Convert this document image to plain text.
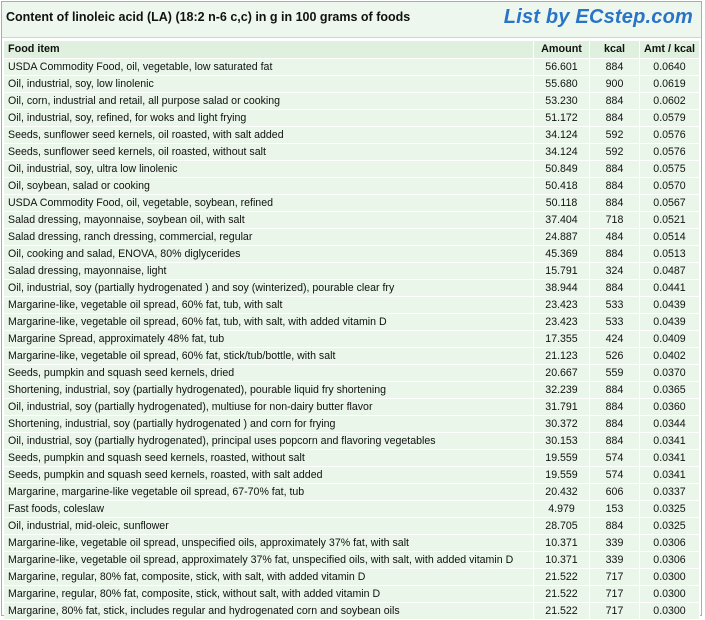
Content of linoleic acid (LA) (18:2 n-6 c,c) in g in 100 grams of foods	List by ECstep.com
Food item	Amount	kcal	Amt / kcal
USDA Commodity Food, oil, vegetable, low saturated fat	56.601	884	0.0640
Oil, industrial, soy, low linolenic	55.680	900	0.0619
Oil, corn, industrial and retail, all purpose salad or cooking	53.230	884	0.0602
Oil, industrial, soy, refined, for woks and light frying	51.172	884	0.0579
Seeds, sunflower seed kernels, oil roasted, with salt added	34.124	592	0.0576
Seeds, sunflower seed kernels, oil roasted, without salt	34.124	592	0.0576
Oil, industrial, soy, ultra low linolenic	50.849	884	0.0575
Oil, soybean, salad or cooking	50.418	884	0.0570
USDA Commodity Food, oil, vegetable, soybean, refined	50.118	884	0.0567
Salad dressing, mayonnaise, soybean oil, with salt	37.404	718	0.0521
Salad dressing, ranch dressing, commercial, regular	24.887	484	0.0514
Oil, cooking and salad, ENOVA, 80% diglycerides	45.369	884	0.0513
Salad dressing, mayonnaise, light	15.791	324	0.0487
Oil, industrial, soy (partially hydrogenated ) and soy (winterized), pourable clear fry	38.944	884	0.0441
Margarine-like, vegetable oil spread, 60% fat, tub, with salt	23.423	533	0.0439
Margarine-like, vegetable oil spread, 60% fat, tub, with salt, with added vitamin D	23.423	533	0.0439
Margarine Spread, approximately 48% fat, tub	17.355	424	0.0409
Margarine-like, vegetable oil spread, 60% fat, stick/tub/bottle, with salt	21.123	526	0.0402
Seeds, pumpkin and squash seed kernels, dried	20.667	559	0.0370
Shortening, industrial, soy (partially hydrogenated), pourable liquid fry shortening	32.239	884	0.0365
Oil, industrial, soy (partially hydrogenated), multiuse for non-dairy butter flavor	31.791	884	0.0360
Shortening, industrial, soy (partially hydrogenated ) and corn for frying	30.372	884	0.0344
Oil, industrial, soy (partially hydrogenated), principal uses popcorn and flavoring vegetables	30.153	884	0.0341
Seeds, pumpkin and squash seed kernels, roasted, without salt	19.559	574	0.0341
Seeds, pumpkin and squash seed kernels, roasted, with salt added	19.559	574	0.0341
Margarine, margarine-like vegetable oil spread, 67-70% fat, tub	20.432	606	0.0337
Fast foods, coleslaw	4.979	153	0.0325
Oil, industrial, mid-oleic, sunflower	28.705	884	0.0325
Margarine-like, vegetable oil spread, unspecified oils, approximately 37% fat, with salt	10.371	339	0.0306
Margarine-like, vegetable oil spread, approximately 37% fat, unspecified oils, with salt, with added vitamin D	10.371	339	0.0306
Margarine, regular, 80% fat, composite, stick, with salt, with added vitamin D	21.522	717	0.0300
Margarine, regular, 80% fat, composite, stick, without salt, with added vitamin D	21.522	717	0.0300
Margarine, 80% fat, stick, includes regular and hydrogenated corn and soybean oils	21.522	717	0.0300
